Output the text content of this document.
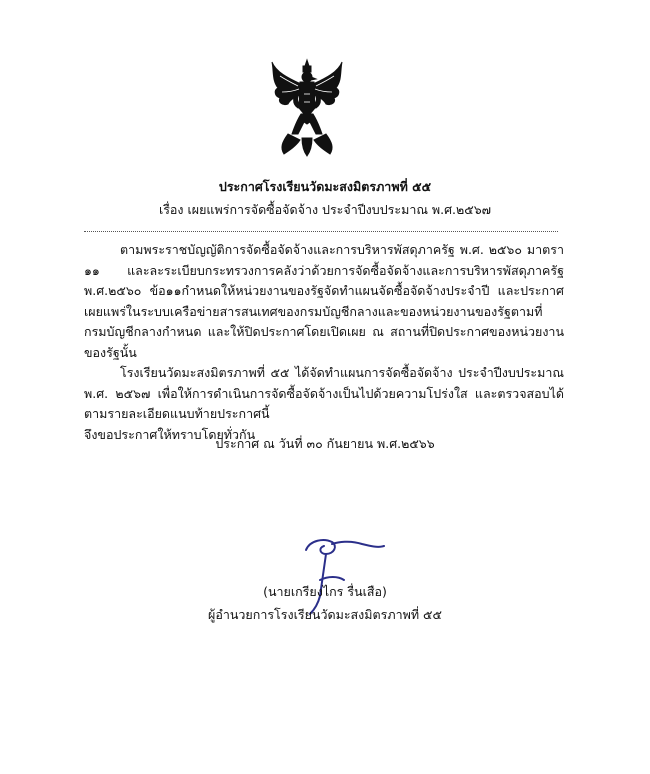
ประกาศโรงเรียนวัดมะสงมิตรภาพที่ ๕๕
เรื่อง เผยแพร่การจัดซื้อจัดจ้าง ประจำปีงบประมาณ พ.ศ.๒๕๖๗

ตามพระราชบัญญัติการจัดซื้อจัดจ้างและการบริหารพัสดุภาครัฐ พ.ศ. ๒๕๖๐ มาตรา ๑๑ และละระเบียบกระทรวงการคลังว่าด้วยการจัดซื้อจัดจ้างและการบริหารพัสดุภาครัฐ พ.ศ.๒๕๖๐ ข้อ๑๑กำหนดให้หน่วยงานของรัฐจัดทำแผนจัดซื้อจัดจ้างประจำปี และประกาศเผยแพร่ในระบบเครือข่ายสารสนเทศของกรมบัญชีกลางและของหน่วยงานของรัฐตามที่กรมบัญชีกลางกำหนด และให้ปิดประกาศโดยเปิดเผย ณ สถานที่ปิดประกาศของหน่วยงานของรัฐนั้น

โรงเรียนวัดมะสงมิตรภาพที่ ๕๕ ได้จัดทำแผนการจัดซื้อจัดจ้าง ประจำปีงบประมาณ พ.ศ. ๒๕๖๗ เพื่อให้การดำเนินการจัดซื้อจัดจ้างเป็นไปด้วยความโปร่งใส และตรวจสอบได้ตามรายละเอียดแนบท้ายประกาศนี้

จึงขอประกาศให้ทราบโดยทั่วกัน

ประกาศ ณ วันที่ ๓๐ กันยายน พ.ศ.๒๕๖๖
(นายเกรียงไกร รื่นเสือ)
ผู้อำนวยการโรงเรียนวัดมะสงมิตรภาพที่ ๕๕
